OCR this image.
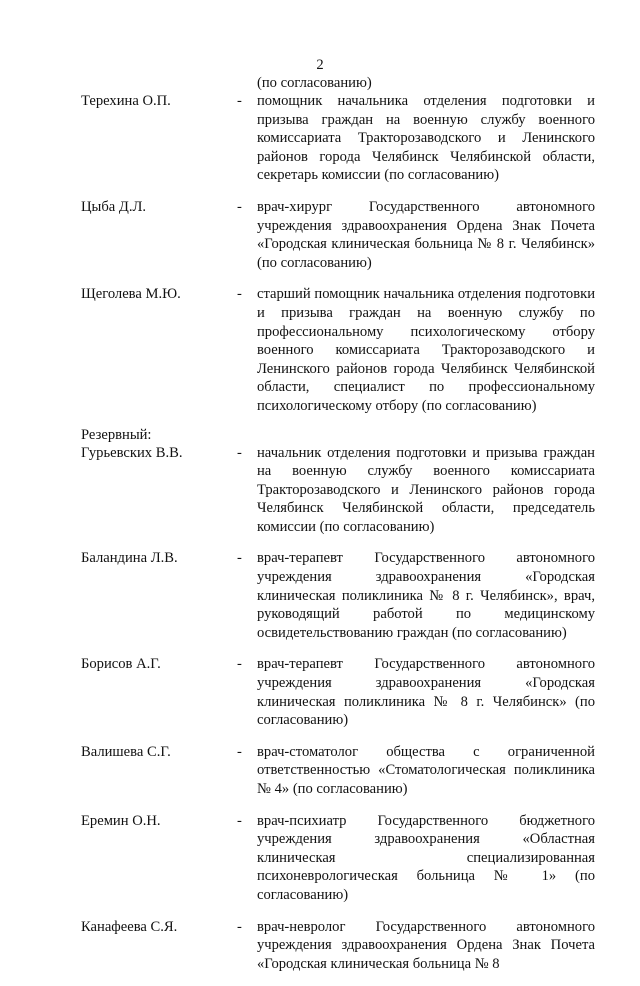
2
(по согласованию)
Терехина О.П.	- помощник начальника отделения подготовки и призыва граждан на военную службу военного комиссариата Тракторозаводского и Ленинского районов города Челябинск Челябинской области, секретарь комиссии (по согласованию)
Цыба Д.Л.	- врач-хирург Государственного автономного учреждения здравоохранения Ордена Знак Почета «Городская клиническая больница № 8 г. Челябинск» (по согласованию)
Щеголева М.Ю.	- старший помощник начальника отделения подготовки и призыва граждан на военную службу по профессиональному психологическому отбору военного комиссариата Тракторозаводского и Ленинского районов города Челябинск Челябинской области, специалист по профессиональному психологическому отбору (по согласованию)
Резервный:
Гурьевских В.В.	- начальник отделения подготовки и призыва граждан на военную службу военного комиссариата Тракторозаводского и Ленинского районов города Челябинск Челябинской области, председатель комиссии (по согласованию)
Баландина Л.В.	- врач-терапевт Государственного автономного учреждения здравоохранения «Городская клиническая поликлиника № 8 г. Челябинск», врач, руководящий работой по медицинскому освидетельствованию граждан (по согласованию)
Борисов А.Г.	- врач-терапевт Государственного автономного учреждения здравоохранения «Городская клиническая поликлиника № 8 г. Челябинск» (по согласованию)
Валишева С.Г.	- врач-стоматолог общества с ограниченной ответственностью «Стоматологическая поликлиника № 4» (по согласованию)
Еремин О.Н.	- врач-психиатр Государственного бюджетного учреждения здравоохранения «Областная клиническая специализированная психоневрологическая больница № 1» (по согласованию)
Канафеева С.Я.	- врач-невролог Государственного автономного учреждения здравоохранения Ордена Знак Почета «Городская клиническая больница № 8
